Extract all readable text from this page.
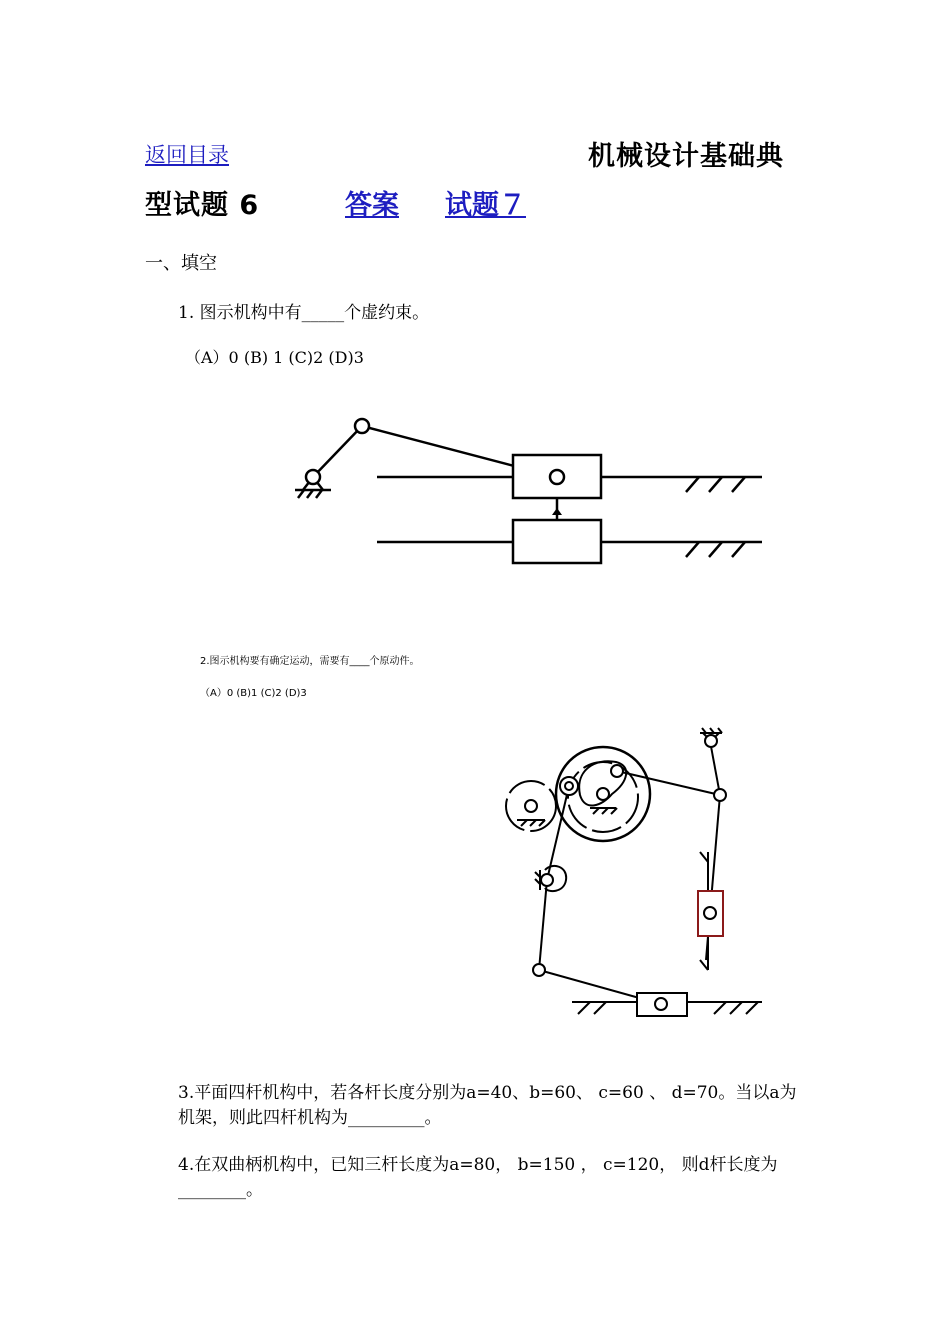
返回目录	机械设计基础典
型试题 6	答案 试题７
一、填空
1. 图示机构中有_____个虚约束。
（A）0 (B) 1 (C)2 (D)3
2.图示机构要有确定运动，需要有____个原动件。
（A）0 (B)1 (C)2 (D)3
3.平面四杆机构中，若各杆长度分别为a=40、b=60、 c=60 、 d=70。当以a为机架，则此四杆机构为_________。
4.在双曲柄机构中，已知三杆长度为a=80， b=150 ， c=120， 则d杆长度为________。
